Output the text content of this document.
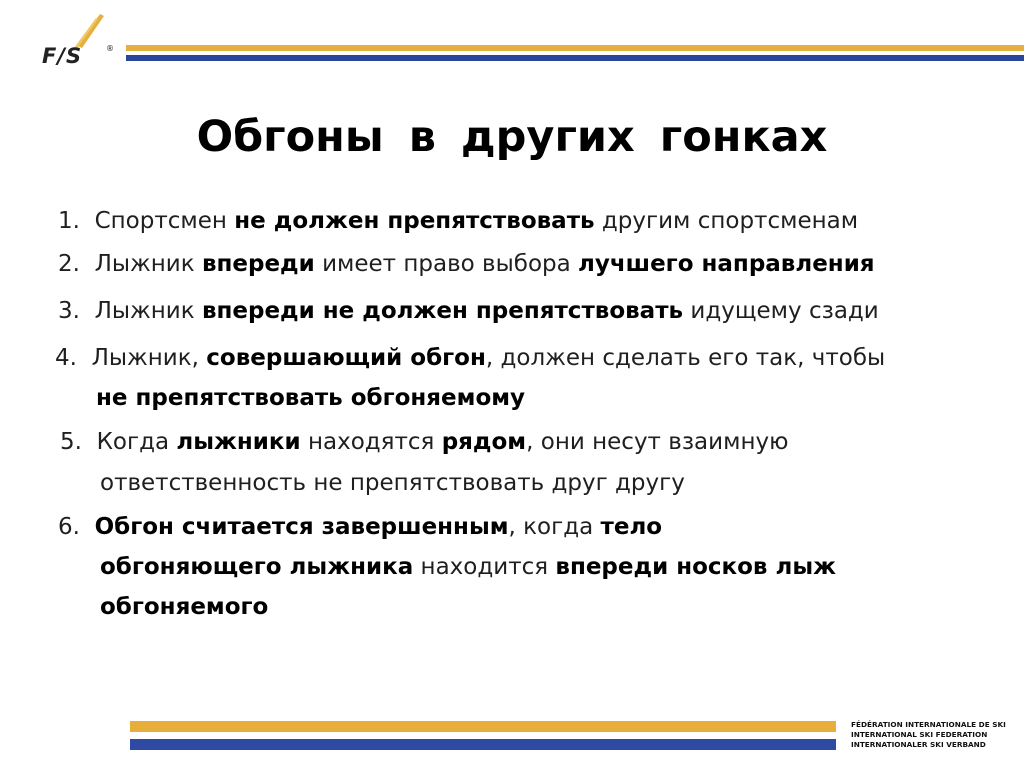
F/S	®
Обгоны в других гонках
1. Спортсмен не должен препятствовать другим спортсменам
2. Лыжник впереди имеет право выбора лучшего направления
3. Лыжник впереди не должен препятствовать идущему сзади
4. Лыжник, совершающий обгон, должен сделать его так, чтобы
не препятствовать обгоняемому
5. Когда лыжники находятся рядом, они несут взаимную
ответственность не препятствовать друг другу
6. Обгон считается завершенным, когда тело
обгоняющего лыжника находится впереди носков лыж
обгоняемого
FÉDÉRATION INTERNATIONALE DE SKI
INTERNATIONAL SKI FEDERATION
INTERNATIONALER SKI VERBAND
